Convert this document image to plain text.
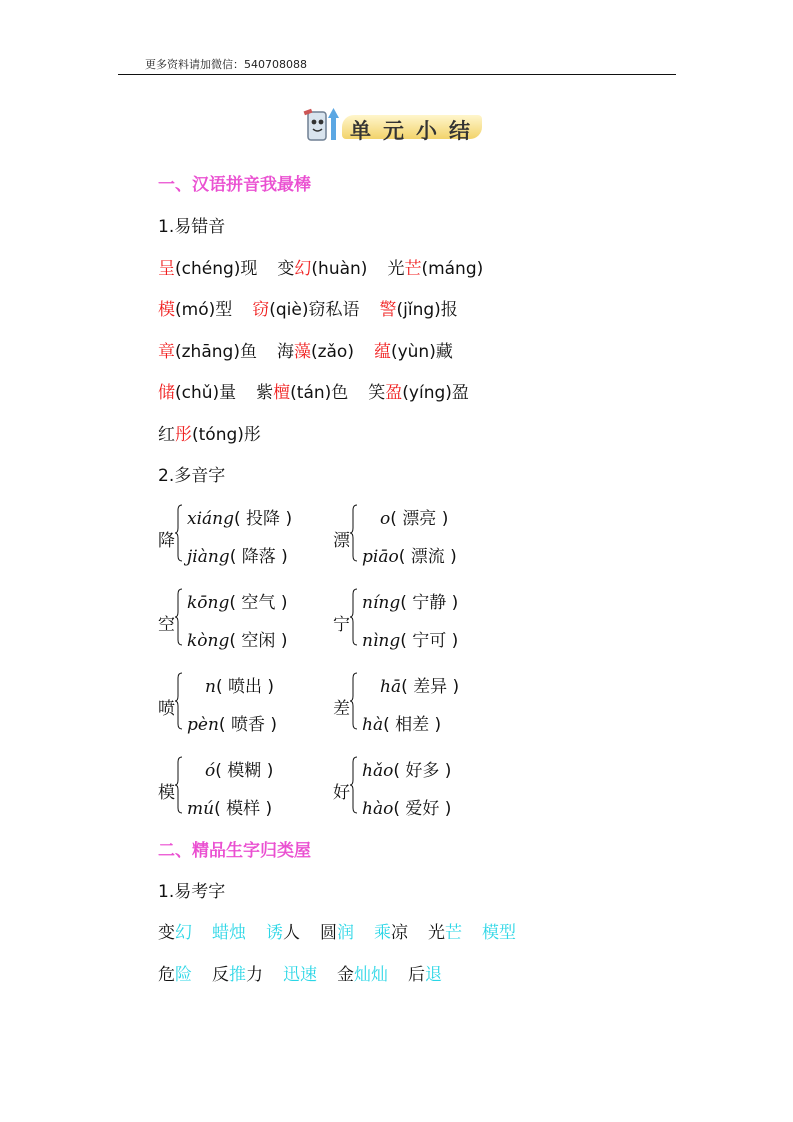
更多资料请加微信：540708088
单元小结
一、汉语拼音我最棒
1.易错音
呈(chéng)现 变幻(huàn) 光芒(máng)
模(mó)型 窃(qiè)窃私语 警(jǐng)报
章(zhāng)鱼 海藻(zǎo) 蕴(yùn)藏
储(chǔ)量 紫檀(tán)色 笑盈(yíng)盈
红彤(tóng)彤
2.多音字
降
xiáng( 投降 )
jiàng( 降落 )
漂
o( 漂亮 )
piāo( 漂流 )
空
kōng( 空气 )
kòng( 空闲 )
宁
níng( 宁静 )
nìng( 宁可 )
喷
n( 喷出 )
pèn( 喷香 )
差
hā( 差异 )
hà( 相差 )
模
ó( 模糊 )
mú( 模样 )
好
hǎo( 好多 )
hào( 爱好 )
二、精品生字归类屋
1.易考字
变幻 蜡烛 诱人 圆润 乘凉 光芒 模型
危险 反推力 迅速 金灿灿 后退
